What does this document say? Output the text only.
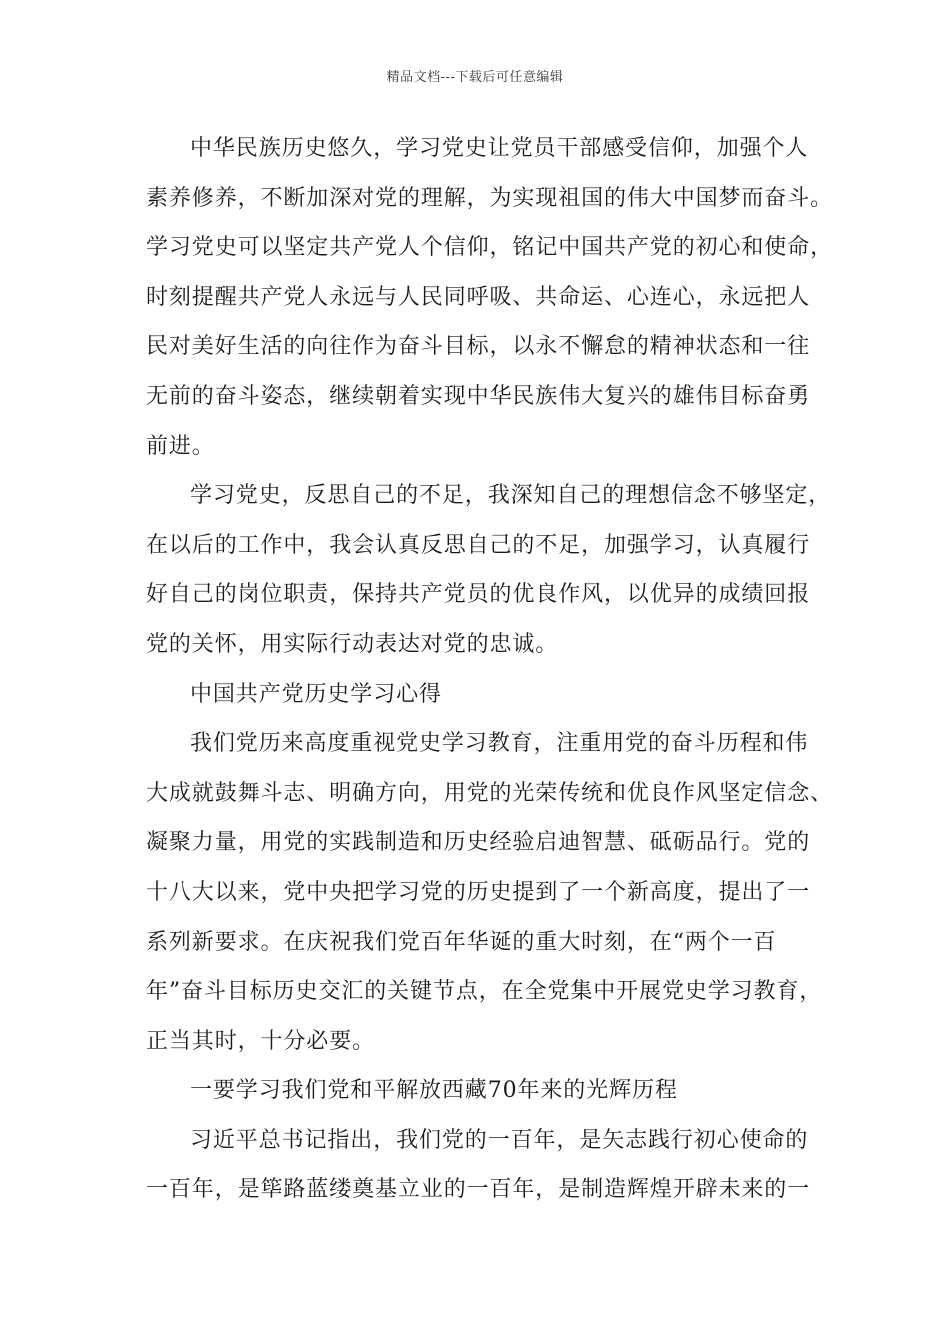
精品文档---下载后可任意编辑
中华民族历史悠久，学习党史让党员干部感受信仰，加强个人
素养修养，不断加深对党的理解，为实现祖国的伟大中国梦而奋斗。
学习党史可以坚定共产党人个信仰，铭记中国共产党的初心和使命，
时刻提醒共产党人永远与人民同呼吸、共命运、心连心，永远把人
民对美好生活的向往作为奋斗目标，以永不懈怠的精神状态和一往
无前的奋斗姿态，继续朝着实现中华民族伟大复兴的雄伟目标奋勇
前进。
学习党史，反思自己的不足，我深知自己的理想信念不够坚定，
在以后的工作中，我会认真反思自己的不足，加强学习，认真履行
好自己的岗位职责，保持共产党员的优良作风，以优异的成绩回报
党的关怀，用实际行动表达对党的忠诚。
中国共产党历史学习心得
我们党历来高度重视党史学习教育，注重用党的奋斗历程和伟
大成就鼓舞斗志、明确方向，用党的光荣传统和优良作风坚定信念、
凝聚力量，用党的实践制造和历史经验启迪智慧、砥砺品行。党的
十八大以来，党中央把学习党的历史提到了一个新高度，提出了一
系列新要求。在庆祝我们党百年华诞的重大时刻，在“两个一百
年”奋斗目标历史交汇的关键节点，在全党集中开展党史学习教育，
正当其时，十分必要。
一要学习我们党和平解放西藏70年来的光辉历程
习近平总书记指出，我们党的一百年，是矢志践行初心使命的
一百年，是筚路蓝缕奠基立业的一百年，是制造辉煌开辟未来的一
